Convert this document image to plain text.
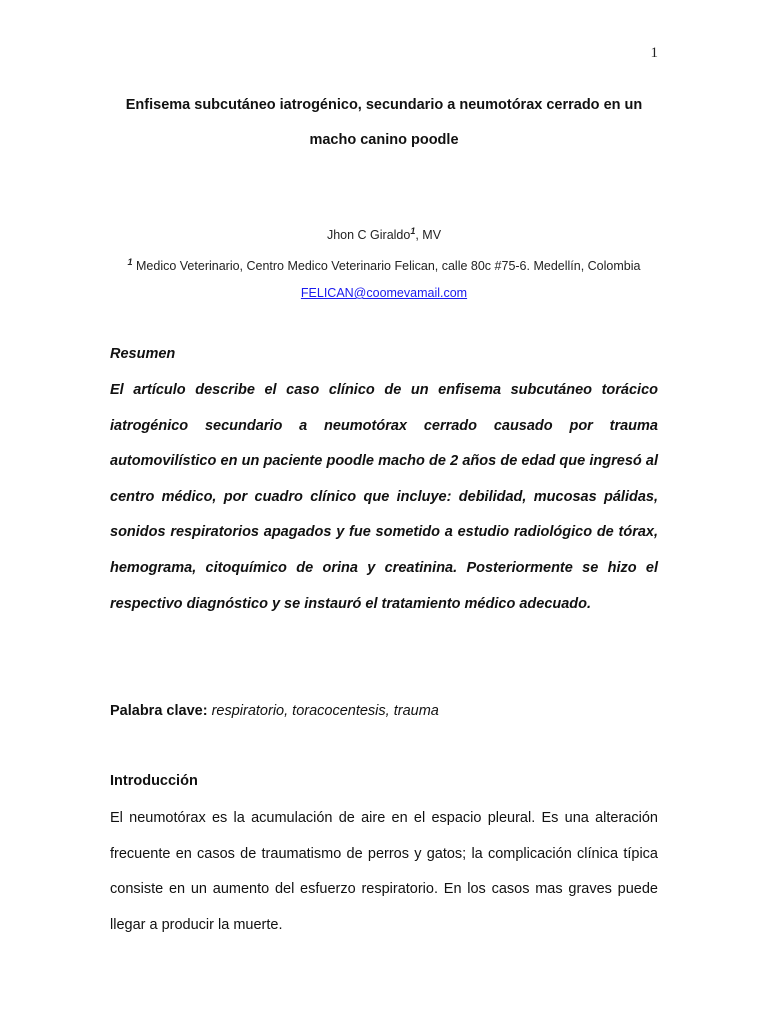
1
Enfisema subcutáneo iatrogénico, secundario a neumotórax cerrado en un macho canino poodle
Jhon C Giraldo$^1$, MV
$^1$ Medico Veterinario, Centro Medico Veterinario Felican, calle 80c #75-6. Medellín, Colombia
FELICAN@coomevamail.com
Resumen

El artículo describe el caso clínico de un enfisema subcutáneo torácico iatrogénico secundario a neumotórax cerrado causado por trauma automovilístico en un paciente poodle macho de 2 años de edad que ingresó al centro médico, por cuadro clínico que incluye: debilidad, mucosas pálidas, sonidos respiratorios apagados y fue sometido a estudio radiológico de tórax, hemograma, citoquímico de orina y creatinina. Posteriormente se hizo el respectivo diagnóstico y se instauró el tratamiento médico adecuado.

Palabra clave: respiratorio, toracocentesis, trauma
Introducción

El neumotórax es la acumulación de aire en el espacio pleural. Es una alteración frecuente en casos de traumatismo de perros y gatos; la complicación clínica típica consiste en un aumento del esfuerzo respiratorio. En los casos mas graves puede llegar a producir la muerte.
